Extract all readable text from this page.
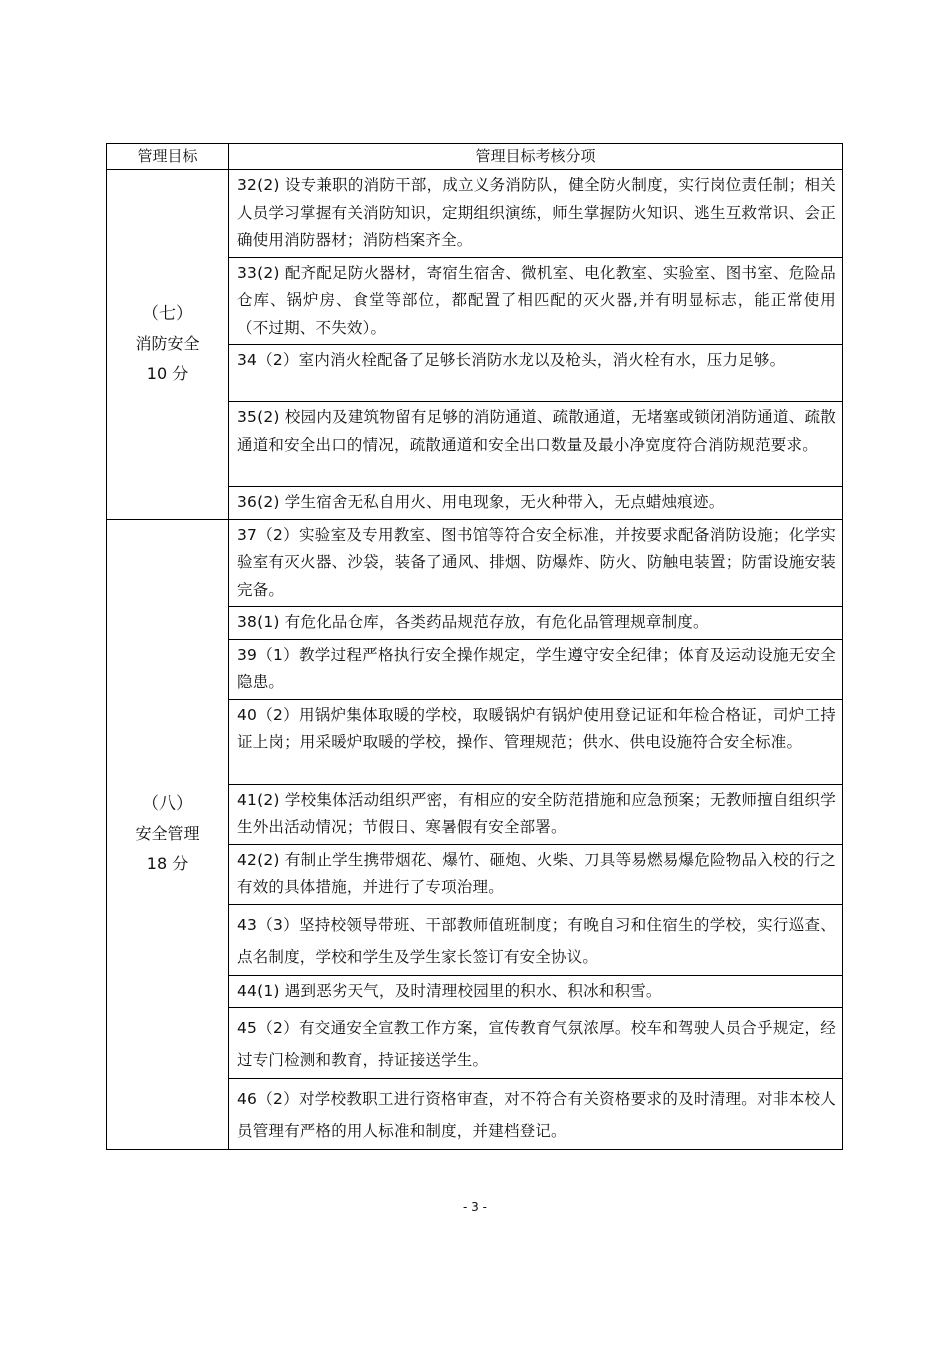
管理目标	管理目标考核分项

（七）
消防安全
10 分	32(2) 设专兼职的消防干部，成立义务消防队，健全防火制度，实行岗位责任制；相关人员学习掌握有关消防知识，定期组织演练，师生掌握防火知识、逃生互救常识、会正确使用消防器材；消防档案齐全。
	33(2) 配齐配足防火器材，寄宿生宿舍、微机室、电化教室、实验室、图书室、危险品仓库、锅炉房、食堂等部位，都配置了相匹配的灭火器,并有明显标志，能正常使用（不过期、不失效）。
	34（2）室内消火栓配备了足够长消防水龙以及枪头，消火栓有水，压力足够。
	35(2) 校园内及建筑物留有足够的消防通道、疏散通道，无堵塞或锁闭消防通道、疏散通道和安全出口的情况，疏散通道和安全出口数量及最小净宽度符合消防规范要求。
	36(2) 学生宿舍无私自用火、用电现象，无火种带入，无点蜡烛痕迹。

（八）
安全管理
18 分	37（2）实验室及专用教室、图书馆等符合安全标准，并按要求配备消防设施；化学实验室有灭火器、沙袋，装备了通风、排烟、防爆炸、防火、防触电装置；防雷设施安装完备。
	38(1) 有危化品仓库，各类药品规范存放，有危化品管理规章制度。
	39（1）教学过程严格执行安全操作规定，学生遵守安全纪律；体育及运动设施无安全隐患。
	40（2）用锅炉集体取暖的学校，取暖锅炉有锅炉使用登记证和年检合格证，司炉工持证上岗；用采暖炉取暖的学校，操作、管理规范；供水、供电设施符合安全标准。
	41(2) 学校集体活动组织严密，有相应的安全防范措施和应急预案；无教师擅自组织学生外出活动情况；节假日、寒暑假有安全部署。
	42(2) 有制止学生携带烟花、爆竹、砸炮、火柴、刀具等易燃易爆危险物品入校的行之有效的具体措施，并进行了专项治理。
	43（3）坚持校领导带班、干部教师值班制度；有晚自习和住宿生的学校，实行巡查、点名制度，学校和学生及学生家长签订有安全协议。
	44(1) 遇到恶劣天气，及时清理校园里的积水、积冰和积雪。
	45（2）有交通安全宣教工作方案，宣传教育气氛浓厚。校车和驾驶人员合乎规定，经过专门检测和教育，持证接送学生。
	46（2）对学校教职工进行资格审查，对不符合有关资格要求的及时清理。对非本校人员管理有严格的用人标准和制度，并建档登记。
- 3 -
